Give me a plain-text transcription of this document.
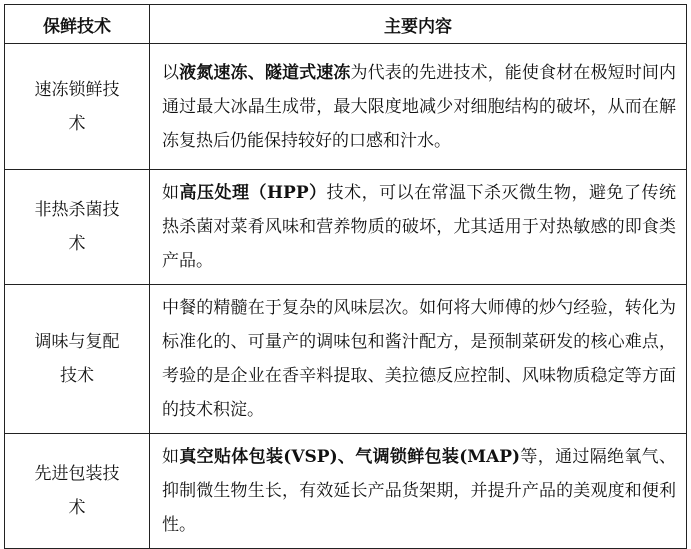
保鲜技术	主要内容
速冻锁鲜技术	以液氮速冻、隧道式速冻为代表的先进技术，能使食材在极短时间内通过最大冰晶生成带，最大限度地减少对细胞结构的破坏，从而在解冻复热后仍能保持较好的口感和汁水。
非热杀菌技术	如高压处理（HPP）技术，可以在常温下杀灭微生物，避免了传统热杀菌对菜肴风味和营养物质的破坏，尤其适用于对热敏感的即食类产品。
调味与复配技术	中餐的精髓在于复杂的风味层次。如何将大师傅的炒勺经验，转化为标准化的、可量产的调味包和酱汁配方，是预制菜研发的核心难点，考验的是企业在香辛料提取、美拉德反应控制、风味物质稳定等方面的技术积淀。
先进包装技术	如真空贴体包装(VSP)、气调锁鲜包装(MAP)等，通过隔绝氧气、抑制微生物生长，有效延长产品货架期，并提升产品的美观度和便利性。
